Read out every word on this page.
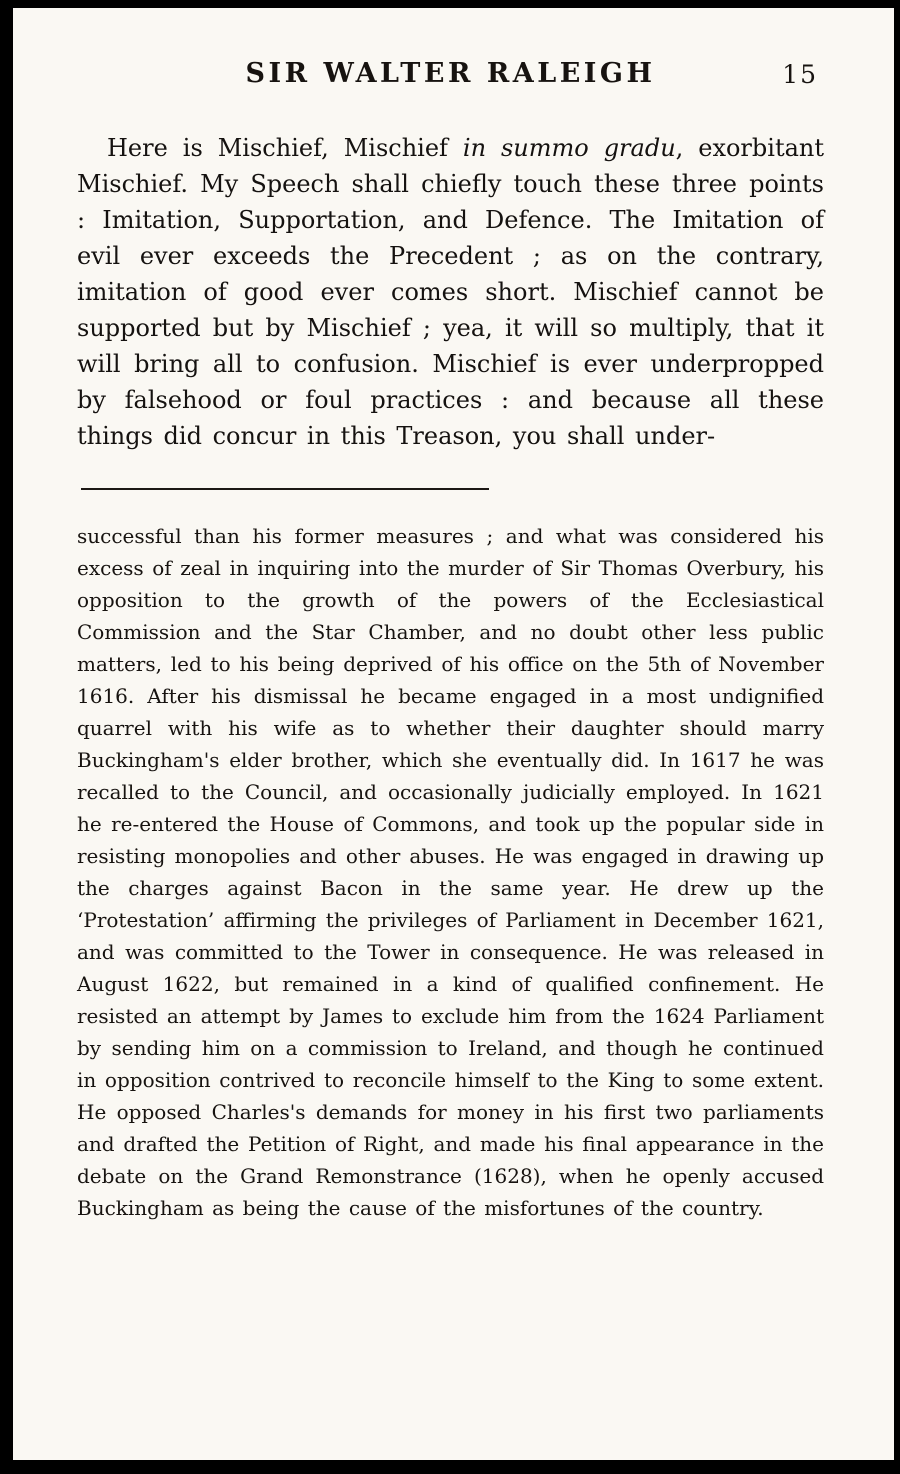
SIR WALTER RALEIGH	15

Here is Mischief, Mischief in summo gradu, exorbitant Mischief. My Speech shall chiefly touch these three points : Imitation, Supportation, and Defence. The Imitation of evil ever exceeds the Precedent ; as on the contrary, imitation of good ever comes short. Mischief cannot be supported but by Mischief ; yea, it will so multiply, that it will bring all to confusion. Mischief is ever underpropped by falsehood or foul practices : and because all these things did concur in this Treason, you shall under-

successful than his former measures ; and what was considered his excess of zeal in inquiring into the murder of Sir Thomas Overbury, his opposition to the growth of the powers of the Ecclesiastical Commission and the Star Chamber, and no doubt other less public matters, led to his being deprived of his office on the 5th of November 1616. After his dismissal he became engaged in a most undignified quarrel with his wife as to whether their daughter should marry Buckingham's elder brother, which she eventually did. In 1617 he was recalled to the Council, and occasionally judicially employed. In 1621 he re-entered the House of Commons, and took up the popular side in resisting monopolies and other abuses. He was engaged in drawing up the charges against Bacon in the same year. He drew up the ‘Protestation’ affirming the privileges of Parliament in December 1621, and was committed to the Tower in consequence. He was released in August 1622, but remained in a kind of qualified confinement. He resisted an attempt by James to exclude him from the 1624 Parliament by sending him on a commission to Ireland, and though he continued in opposition contrived to reconcile himself to the King to some extent. He opposed Charles's demands for money in his first two parliaments and drafted the Petition of Right, and made his final appearance in the debate on the Grand Remonstrance (1628), when he openly accused Buckingham as being the cause of the misfortunes of the country.
